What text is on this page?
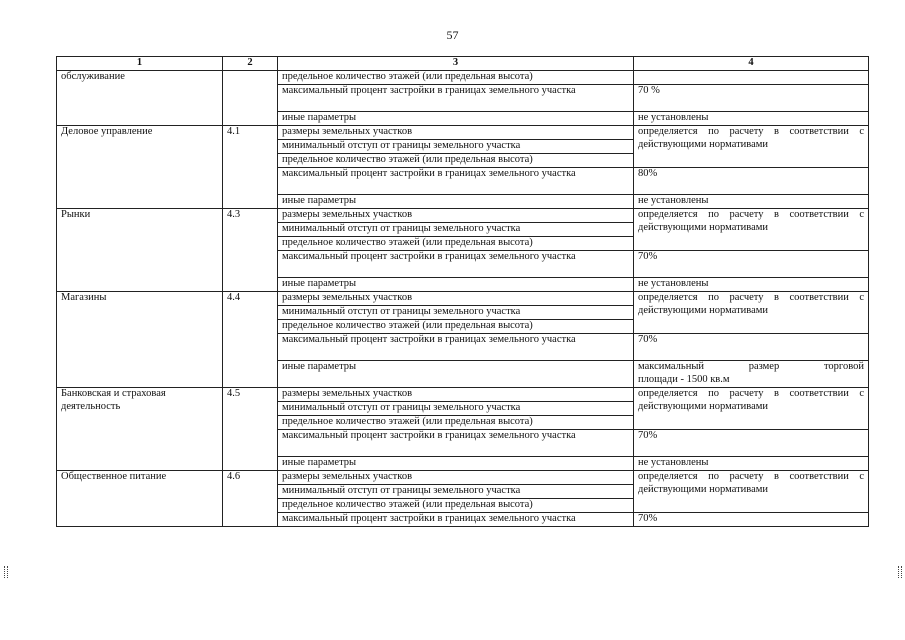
57
1	2	3	4
обслуживание		предельное количество этажей (или предельная высота)	
		максимальный процент застройки в границах земельного участка	70 %
		иные параметры	не установлены
Деловое управление	4.1	размеры земельных участков	определяется по расчету в соответствии с действующими нормативами
		минимальный отступ от границы земельного участка	
		предельное количество этажей (или предельная высота)	
		максимальный процент застройки в границах земельного участка	80%
		иные параметры	не установлены
Рынки	4.3	размеры земельных участков	определяется по расчету в соответствии с действующими нормативами
		минимальный отступ от границы земельного участка	
		предельное количество этажей (или предельная высота)	
		максимальный процент застройки в границах земельного участка	70%
		иные параметры	не установлены
Магазины	4.4	размеры земельных участков	определяется по расчету в соответствии с действующими нормативами
		минимальный отступ от границы земельного участка	
		предельное количество этажей (или предельная высота)	
		максимальный процент застройки в границах земельного участка	70%
		иные параметры	максимальный размер торговой
площади - 1500 кв.м

Банковская и страховая деятельность	4.5	размеры земельных участков	определяется по расчету в соответствии с действующими нормативами
		минимальный отступ от границы земельного участка	
		предельное количество этажей (или предельная высота)	
		максимальный процент застройки в границах земельного участка	70%
		иные параметры	не установлены
Общественное питание	4.6	размеры земельных участков	определяется по расчету в соответствии с действующими нормативами
		минимальный отступ от границы земельного участка	
		предельное количество этажей (или предельная высота)	
		максимальный процент застройки в границах земельного участка	70%
